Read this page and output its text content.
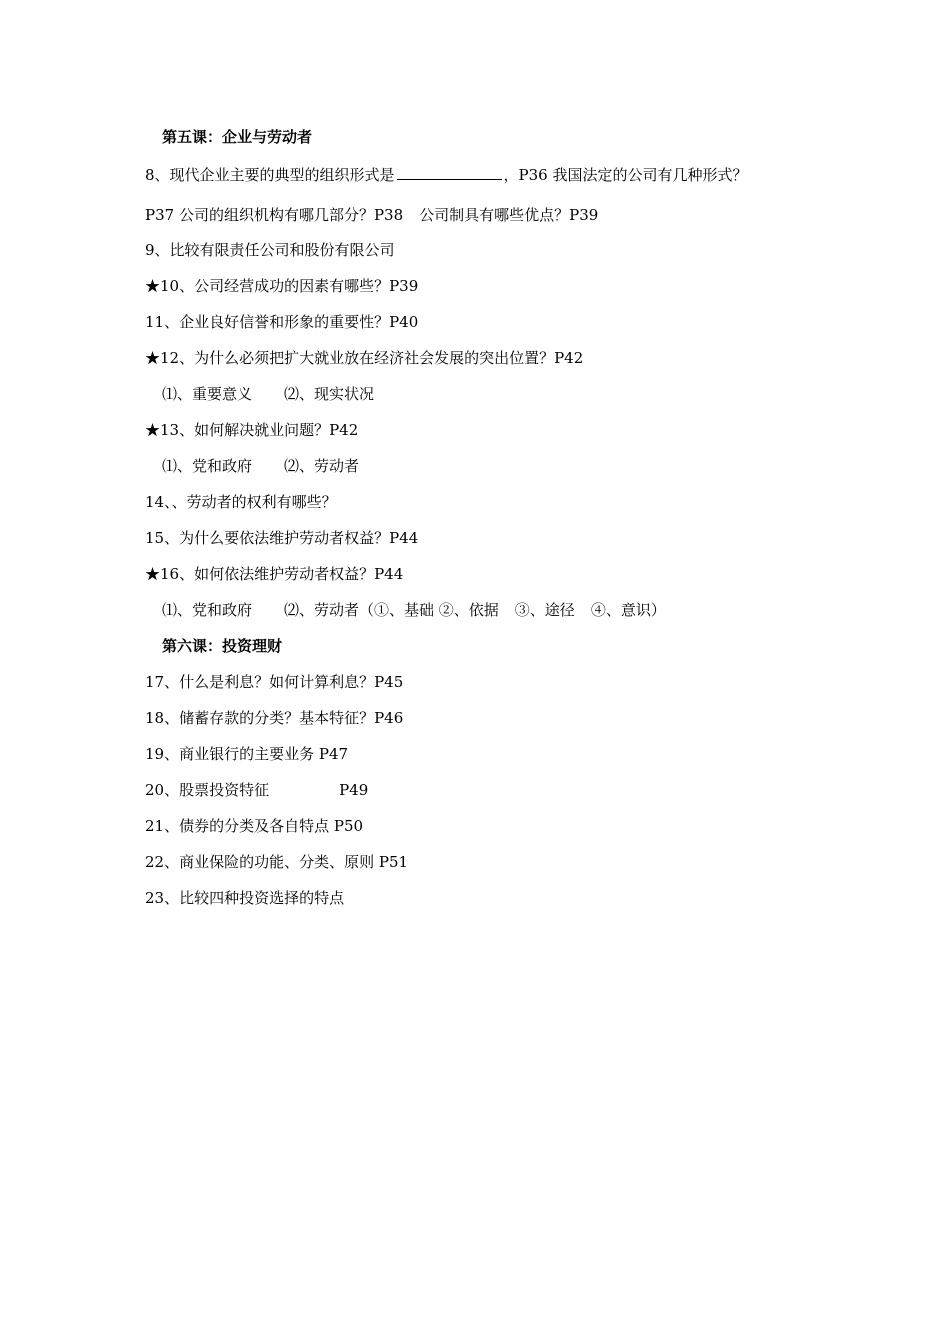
第五课：企业与劳动者
8、现代企业主要的典型的组织形式是	，P36 我国法定的公司有几种形式？
P37 公司的组织机构有哪几部分？P38 公司制具有哪些优点？P39
9、比较有限责任公司和股份有限公司
★10、公司经营成功的因素有哪些？P39
11、企业良好信誉和形象的重要性？P40
★12、为什么必须把扩大就业放在经济社会发展的突出位置？P42
⑴、重要意义 ⑵、现实状况
★13、如何解决就业问题？P42
⑴、党和政府 ⑵、劳动者
14、、劳动者的权利有哪些？
15、为什么要依法维护劳动者权益？P44
★16、如何依法维护劳动者权益？P44
⑴、党和政府 ⑵、劳动者（①、基础 ②、依据 ③、途径 ④、意识）
第六课：投资理财
17、什么是利息？如何计算利息？P45
18、储蓄存款的分类？基本特征？P46
19、商业银行的主要业务 P47
20、股票投资特征	P49
21、债券的分类及各自特点 P50
22、商业保险的功能、分类、原则 P51
23、比较四种投资选择的特点
